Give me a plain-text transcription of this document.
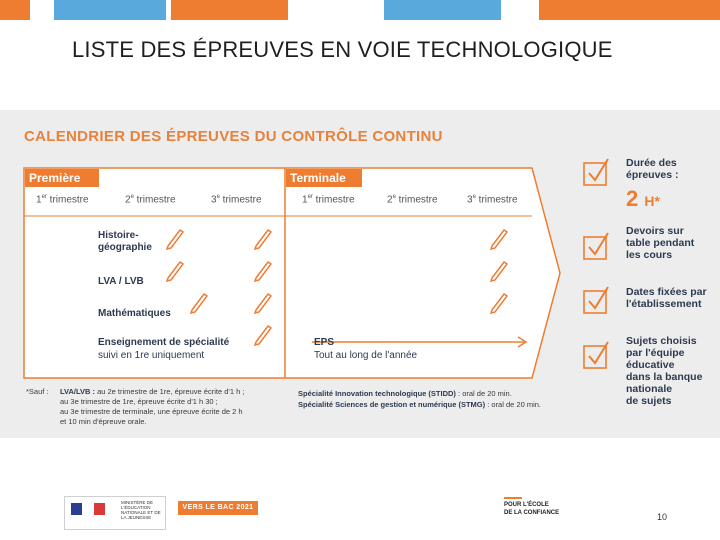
LISTE DES ÉPREUVES EN VOIE TECHNOLOGIQUE
CALENDRIER DES ÉPREUVES DU CONTRÔLE CONTINU
Première	Terminale
1er trimestre	2e trimestre	3e trimestre	1er trimestre	2e trimestre	3e trimestre
Histoire-
géographie
LVA / LVB
Mathématiques
Enseignement de spécialité
suivi en 1re uniquement
EPS
Tout au long de l'année
Durée des
épreuves :
2 H*
Devoirs sur
table pendant
les cours
Dates fixées par
l'établissement
Sujets choisis
par l'équipe
éducative
dans la banque
nationale
de sujets
*Sauf : LVA/LVB : au 2e trimestre de 1re, épreuve écrite d'1 h ;
au 3e trimestre de 1re, épreuve écrite d'1 h 30 ;
au 3e trimestre de terminale, une épreuve écrite de 2 h
et 10 min d'épreuve orale.
Spécialité Innovation technologique (STIDD) : oral de 20 min.
Spécialité Sciences de gestion et numérique (STMG) : oral de 20 min.
MINISTÈRE DE L'ÉDUCATION NATIONALE ET DE LA JEUNESSE
VERS LE BAC 2021	POUR L'ÉCOLE
DE LA CONFIANCE	10
